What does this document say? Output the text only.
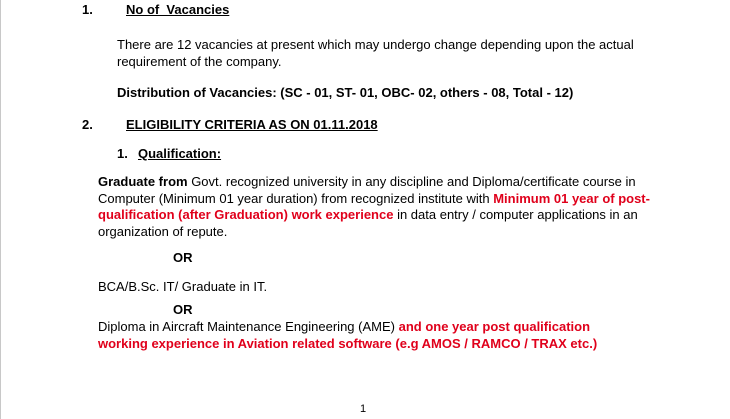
1.	No of  Vacancies
There are 12 vacancies at present which may undergo change depending upon the actual requirement of the company.
Distribution of Vacancies: (SC - 01, ST- 01, OBC- 02, others - 08, Total - 12)
2.	ELIGIBILITY CRITERIA AS ON 01.11.2018
1. Qualification:
Graduate from Govt. recognized university in any discipline and Diploma/certificate course in Computer (Minimum 01 year duration) from recognized institute with Minimum 01 year of post-qualification (after Graduation) work experience in data entry / computer applications in an organization of repute.
OR
BCA/B.Sc. IT/ Graduate in IT.
OR
Diploma in Aircraft Maintenance Engineering (AME) and one year post qualification
working experience in Aviation related software (e.g AMOS / RAMCO / TRAX etc.)
1
